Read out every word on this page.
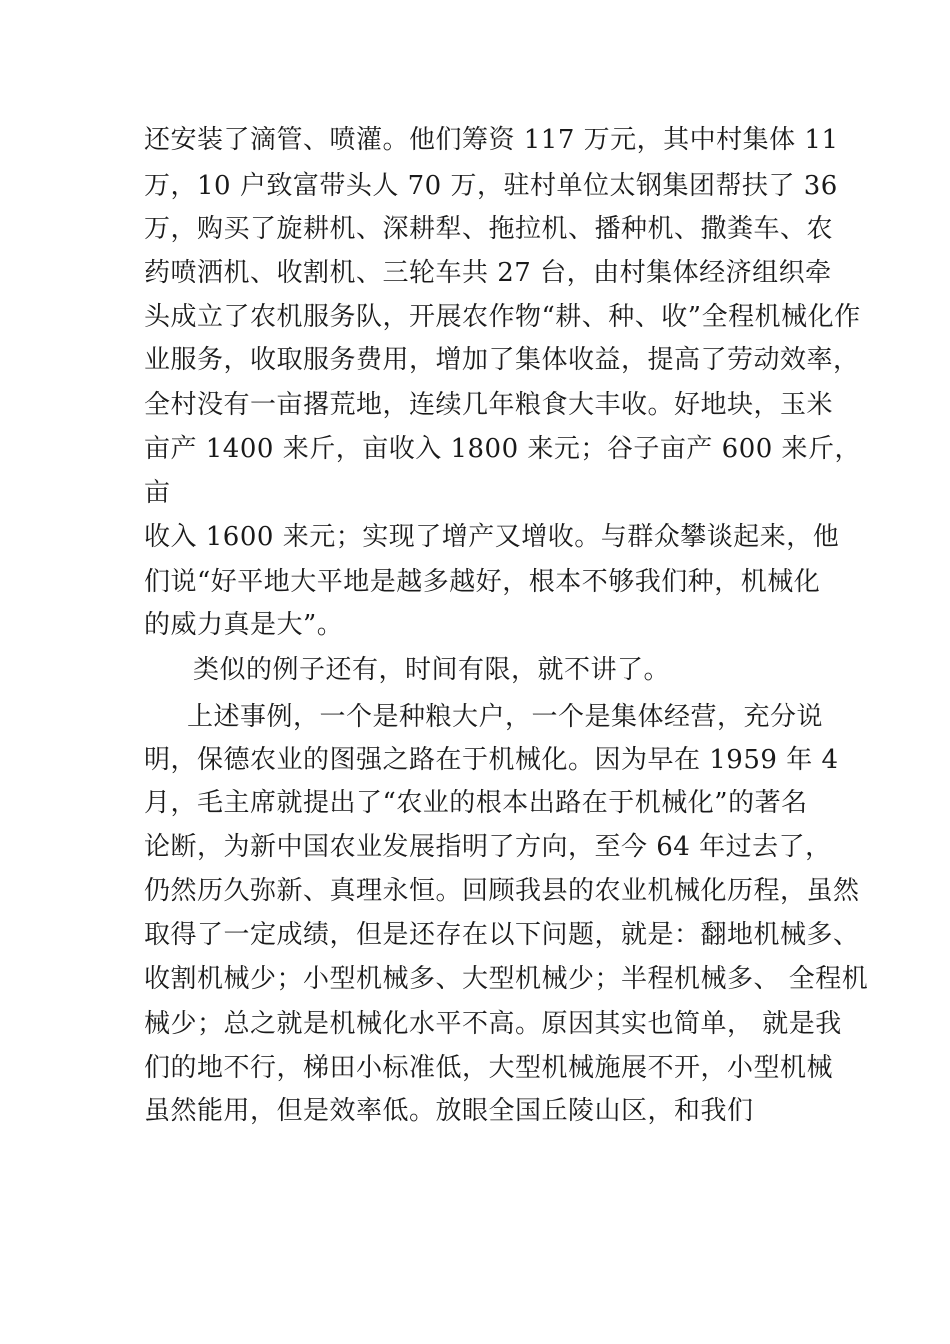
还安装了滴管、喷灌。他们筹资 117 万元，其中村集体 11

万，10 户致富带头人 70 万，驻村单位太钢集团帮扶了 36

万，购买了旋耕机、深耕犁、拖拉机、播种机、撒粪车、农

药喷洒机、收割机、三轮车共 27 台，由村集体经济组织牵

头成立了农机服务队，开展农作物“耕、种、收”全程机械化作

业服务，收取服务费用，增加了集体收益，提高了劳动效率，

全村没有一亩撂荒地，连续几年粮食大丰收。好地块，玉米

亩产 1400 来斤，亩收入 1800 来元；谷子亩产 600 来斤，

亩

收入 1600 来元；实现了增产又增收。与群众攀谈起来，他

们说“好平地大平地是越多越好，根本不够我们种，机械化

的威力真是大”。

类似的例子还有，时间有限，就不讲了。

上述事例，一个是种粮大户，一个是集体经营，充分说

明，保德农业的图强之路在于机械化。因为早在 1959 年 4

月，毛主席就提出了“农业的根本出路在于机械化”的著名

论断，为新中国农业发展指明了方向，至今 64 年过去了，

仍然历久弥新、真理永恒。回顾我县的农业机械化历程，虽然

取得了一定成绩，但是还存在以下问题，就是：翻地机械多、

收割机械少；小型机械多、大型机械少；半程机械多、 全程机

械少；总之就是机械化水平不高。原因其实也简单， 就是我

们的地不行，梯田小标准低，大型机械施展不开，小型机械

虽然能用，但是效率低。放眼全国丘陵山区，和我们
